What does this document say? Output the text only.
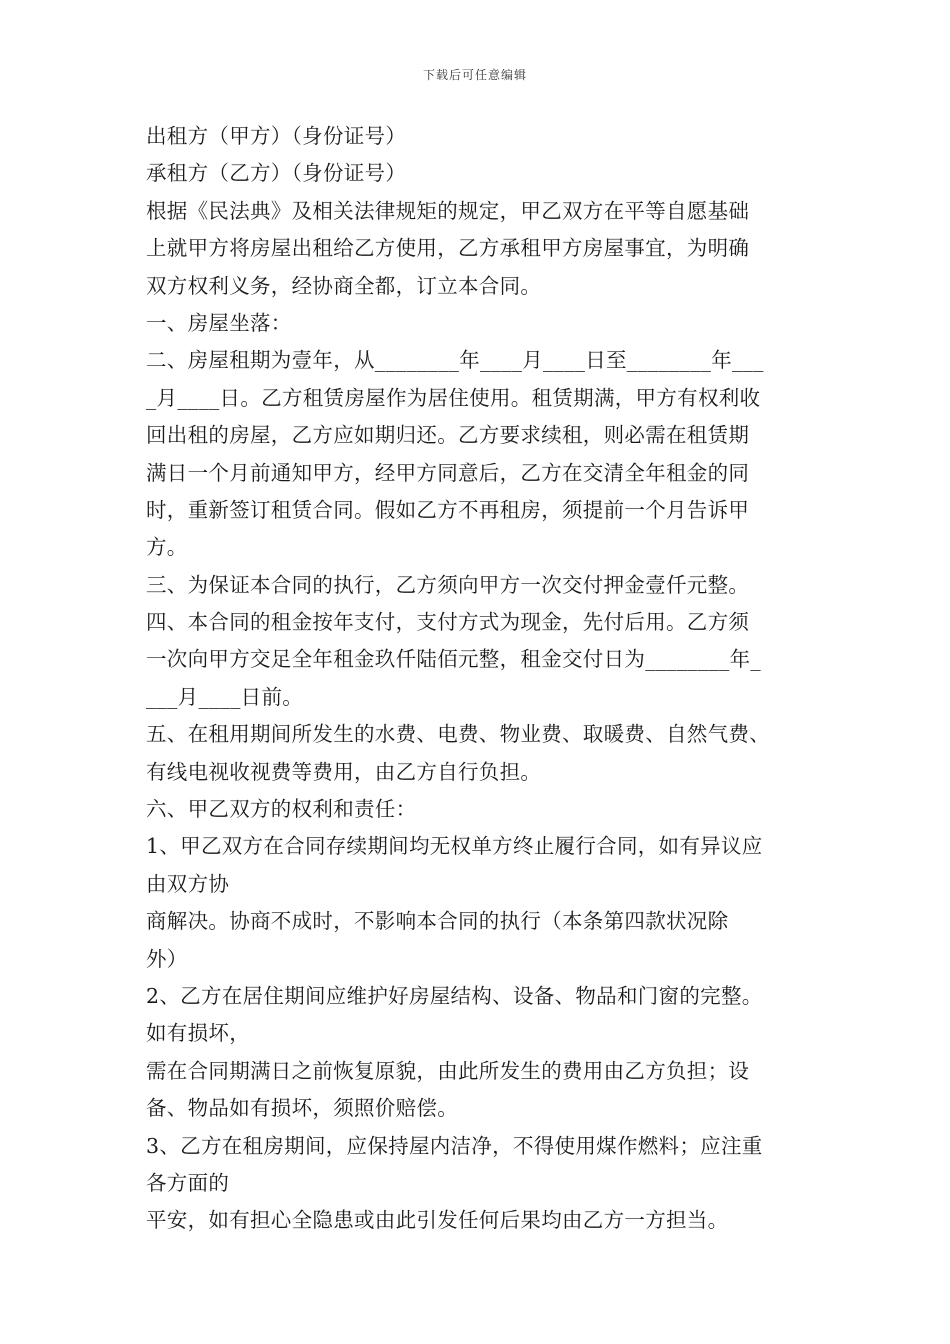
下载后可任意编辑
出租方（甲方）（身份证号）
承租方（乙方）（身份证号）
根据《民法典》及相关法律规矩的规定，甲乙双方在平等自愿基础
上就甲方将房屋出租给乙方使用，乙方承租甲方房屋事宜，为明确
双方权利义务，经协商全都，订立本合同。
一、房屋坐落：
二、房屋租期为壹年，从________年____月____日至________年___
_月____日。乙方租赁房屋作为居住使用。租赁期满，甲方有权利收
回出租的房屋，乙方应如期归还。乙方要求续租，则必需在租赁期
满日一个月前通知甲方，经甲方同意后，乙方在交清全年租金的同
时，重新签订租赁合同。假如乙方不再租房，须提前一个月告诉甲
方。
三、为保证本合同的执行，乙方须向甲方一次交付押金壹仟元整。
四、本合同的租金按年支付，支付方式为现金，先付后用。乙方须
一次向甲方交足全年租金玖仟陆佰元整，租金交付日为________年_
___月____日前。
五、在租用期间所发生的水费、电费、物业费、取暖费、自然气费、
有线电视收视费等费用，由乙方自行负担。
六、甲乙双方的权利和责任：
1、甲乙双方在合同存续期间均无权单方终止履行合同，如有异议应
由双方协
商解决。协商不成时，不影响本合同的执行（本条第四款状况除
外）
2、乙方在居住期间应维护好房屋结构、设备、物品和门窗的完整。
如有损坏，
需在合同期满日之前恢复原貌，由此所发生的费用由乙方负担；设
备、物品如有损坏，须照价赔偿。
3、乙方在租房期间，应保持屋内洁净，不得使用煤作燃料；应注重
各方面的
平安，如有担心全隐患或由此引发任何后果均由乙方一方担当。
